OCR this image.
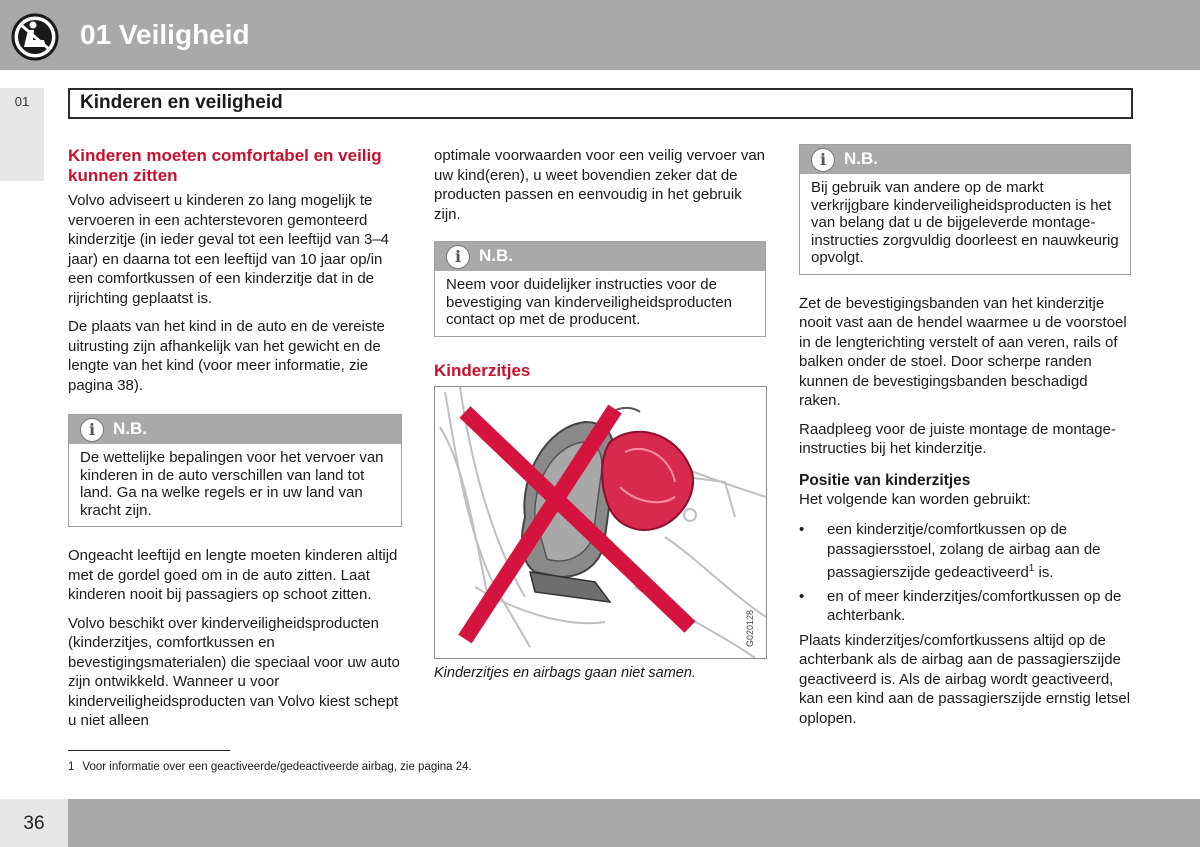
01 Veiligheid
01	Kinderen en veiligheid
Kinderen moeten comfortabel en veilig kunnen zitten

Volvo adviseert u kinderen zo lang mogelijk te vervoeren in een achterstevoren gemonteerd kinderzitje (in ieder geval tot een leeftijd van 3–4 jaar) en daarna tot een leeftijd van 10 jaar op/in een comfortkussen of een kinderzitje dat in de rijrichting geplaatst is.

De plaats van het kind in de auto en de vereiste uitrusting zijn afhankelijk van het gewicht en de lengte van het kind (voor meer informatie, zie pagina 38).

i	N.B.
De wettelijke bepalingen voor het vervoer van kinderen in de auto verschillen van land tot land. Ga na welke regels er in uw land van kracht zijn.

Ongeacht leeftijd en lengte moeten kinderen altijd met de gordel goed om in de auto zitten. Laat kinderen nooit bij passagiers op schoot zitten.

Volvo beschikt over kinderveiligheidsproducten (kinderzitjes, comfortkussen en bevestigingsmaterialen) die speciaal voor uw auto zijn ontwikkeld. Wanneer u voor kinderveiligheidsproducten van Volvo kiest schept u niet alleen

optimale voorwaarden voor een veilig vervoer van uw kind(eren), u weet bovendien zeker dat de producten passen en eenvoudig in het gebruik zijn.

i	N.B.
Neem voor duidelijker instructies voor de bevestiging van kinderveiligheidsproducten contact op met de producent.
Kinderzitjes
G020128
Kinderzitjes en airbags gaan niet samen.
i	N.B.
Bij gebruik van andere op de markt verkrijgbare kinderveiligheidsproducten is het van belang dat u de bijgeleverde montage-instructies zorgvuldig doorleest en nauwkeurig opvolgt.

Zet de bevestigingsbanden van het kinderzitje nooit vast aan de hendel waarmee u de voorstoel in de lengterichting verstelt of aan veren, rails of balken onder de stoel. Door scherpe randen kunnen de bevestigingsbanden beschadigd raken.

Raadpleeg voor de juiste montage de montage-instructies bij het kinderzitje.

Positie van kinderzitjes

Het volgende kan worden gebruikt:

• een kinderzitje/comfortkussen op de passagiersstoel, zolang de airbag aan de passagierszijde gedeactiveerd$^1$ is.
• en of meer kinderzitjes/comfortkussen op de achterbank.

Plaats kinderzitjes/comfortkussens altijd op de achterbank als de airbag aan de passagierszijde geactiveerd is. Als de airbag wordt geactiveerd, kan een kind aan de passagierszijde ernstig letsel oplopen.

1 Voor informatie over een geactiveerde/gedeactiveerde airbag, zie pagina 24.
36
